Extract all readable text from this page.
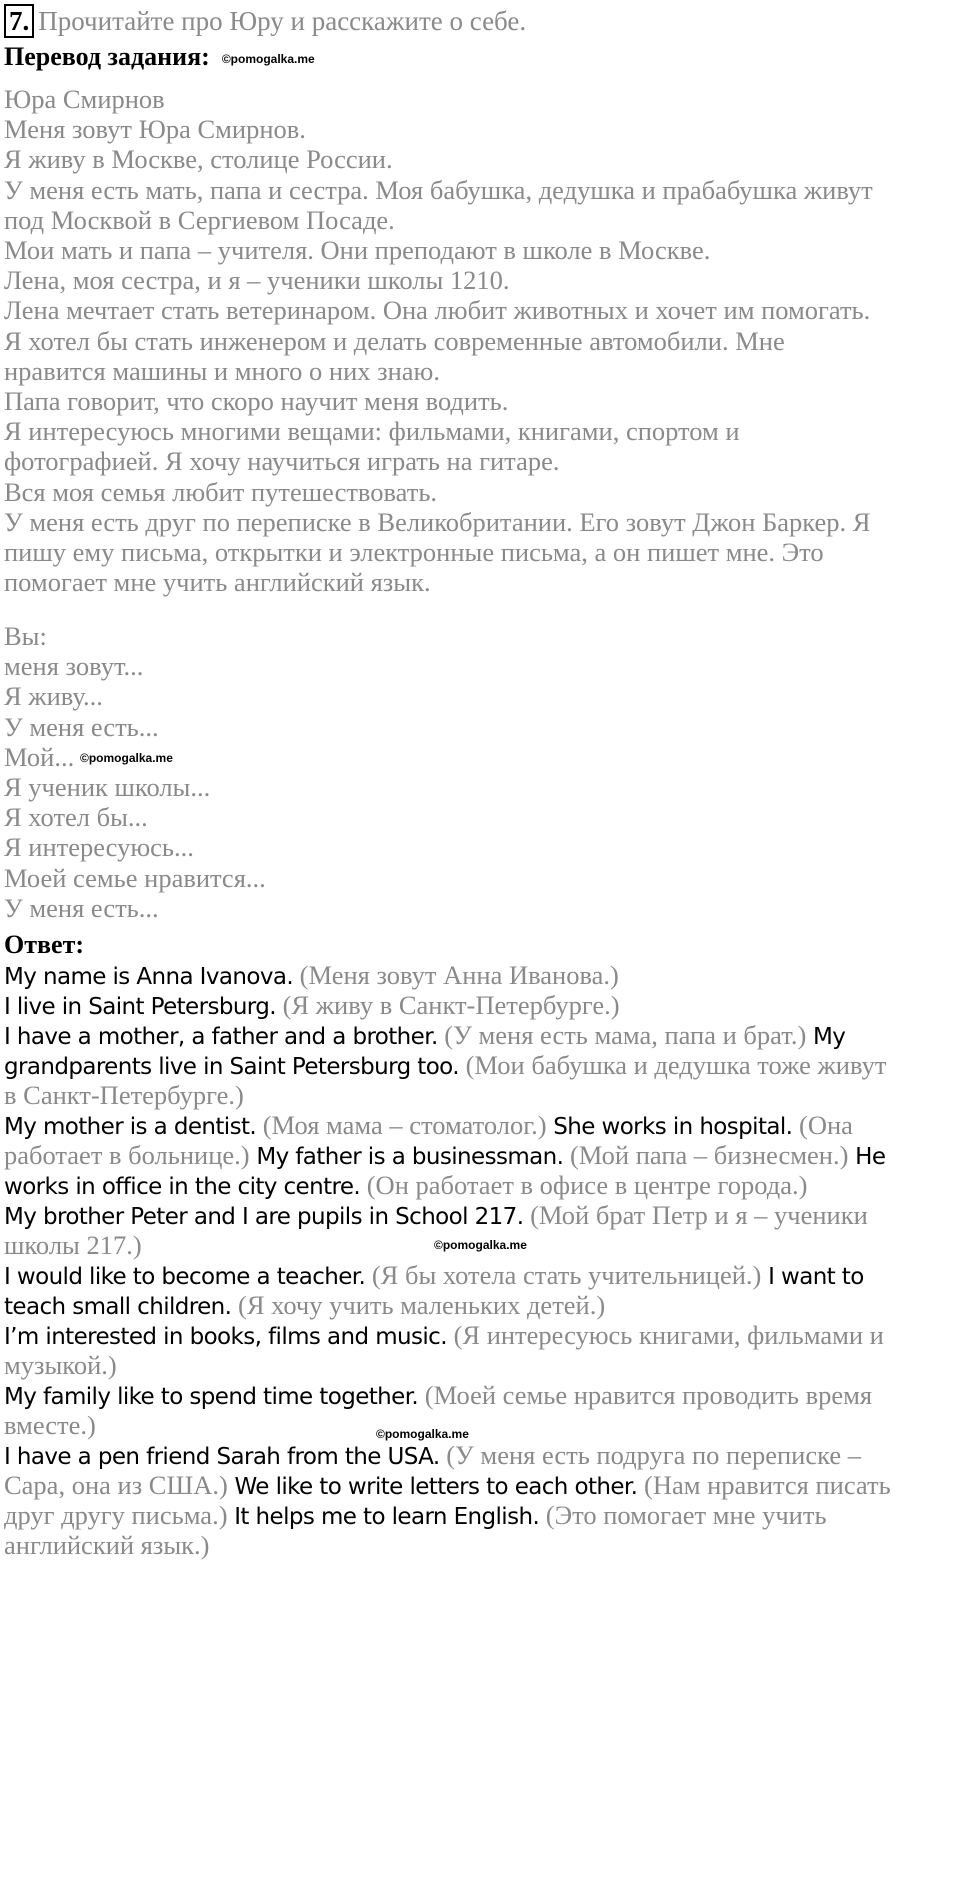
7. Прочитайте про Юру и расскажите о себе.
Перевод задания: ©pomogalka.me
Юра Смирнов
Меня зовут Юра Смирнов.
Я живу в Москве, столице России.
У меня есть мать, папа и сестра. Моя бабушка, дедушка и прабабушка живут
под Москвой в Сергиевом Посаде.
Мои мать и папа – учителя. Они преподают в школе в Москве.
Лена, моя сестра, и я – ученики школы 1210.
Лена мечтает стать ветеринаром. Она любит животных и хочет им помогать.
Я хотел бы стать инженером и делать современные автомобили. Мне
нравится машины и много о них знаю.
Папа говорит, что скоро научит меня водить.
Я интересуюсь многими вещами: фильмами, книгами, спортом и
фотографией. Я хочу научиться играть на гитаре.
Вся моя семья любит путешествовать.
У меня есть друг по переписке в Великобритании. Его зовут Джон Баркер. Я
пишу ему письма, открытки и электронные письма, а он пишет мне. Это
помогает мне учить английский язык.
Вы:
меня зовут...
Я живу...
У меня есть...
Мой...
Я ученик школы...
Я хотел бы...
Я интересуюсь...
Моей семье нравится...
У меня есть...
©pomogalka.me
Ответ:
My name is Anna Ivanova. (Меня зовут Анна Иванова.)
I live in Saint Petersburg. (Я живу в Санкт-Петербурге.)
I have a mother, a father and a brother. (У меня есть мама, папа и брат.) My
grandparents live in Saint Petersburg too. (Мои бабушка и дедушка тоже живут
в Санкт-Петербурге.)
My mother is a dentist. (Моя мама – стоматолог.) She works in hospital. (Она
работает в больнице.) My father is a businessman. (Мой папа – бизнесмен.) He
works in office in the city centre. (Он работает в офисе в центре города.)
My brother Peter and I are pupils in School 217. (Мой брат Петр и я – ученики
школы 217.)
I would like to become a teacher. (Я бы хотела стать учительницей.) I want to
teach small children. (Я хочу учить маленьких детей.)
I’m interested in books, films and music. (Я интересуюсь книгами, фильмами и
музыкой.)
My family like to spend time together. (Моей семье нравится проводить время
вместе.)
I have a pen friend Sarah from the USA. (У меня есть подруга по переписке –
Сара, она из США.) We like to write letters to each other. (Нам нравится писать
друг другу письма.) It helps me to learn English. (Это помогает мне учить
английский язык.)
©pomogalka.me
©pomogalka.me
